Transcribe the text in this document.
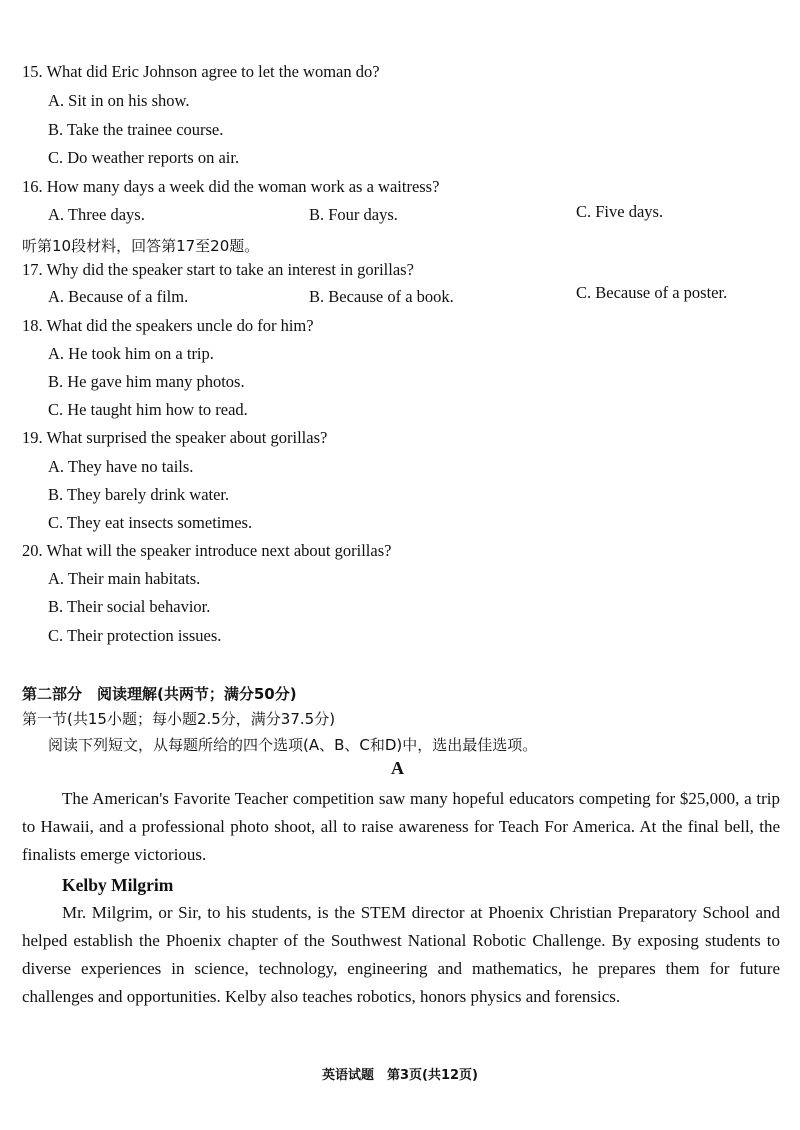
15. What did Eric Johnson agree to let the woman do?
A. Sit in on his show.
B. Take the trainee course.
C. Do weather reports on air.
16. How many days a week did the woman work as a waitress?
A. Three days.	B. Four days.	C. Five days.
听第10段材料，回答第17至20题。
17. Why did the speaker start to take an interest in gorillas?
A. Because of a film.	B. Because of a book.	C. Because of a poster.
18. What did the speakers uncle do for him?
A. He took him on a trip.
B. He gave him many photos.
C. He taught him how to read.
19. What surprised the speaker about gorillas?
A. They have no tails.
B. They barely drink water.
C. They eat insects sometimes.
20. What will the speaker introduce next about gorillas?
A. Their main habitats.
B. Their social behavior.
C. Their protection issues.
第二部分　阅读理解(共两节；满分50分)
第一节(共15小题；每小题2.5分，满分37.5分)
阅读下列短文，从每题所给的四个选项(A、B、C和D)中，选出最佳选项。
A
The American's Favorite Teacher competition saw many hopeful educators competing for $25,000, a trip to Hawaii, and a professional photo shoot, all to raise awareness for Teach For America. At the final bell, the finalists emerge victorious.
Kelby Milgrim
Mr. Milgrim, or Sir, to his students, is the STEM director at Phoenix Christian Preparatory School and helped establish the Phoenix chapter of the Southwest National Robotic Challenge. By exposing students to diverse experiences in science, technology, engineering and mathematics, he prepares them for future challenges and opportunities. Kelby also teaches robotics, honors physics and forensics.
英语试题　第3页(共12页)
